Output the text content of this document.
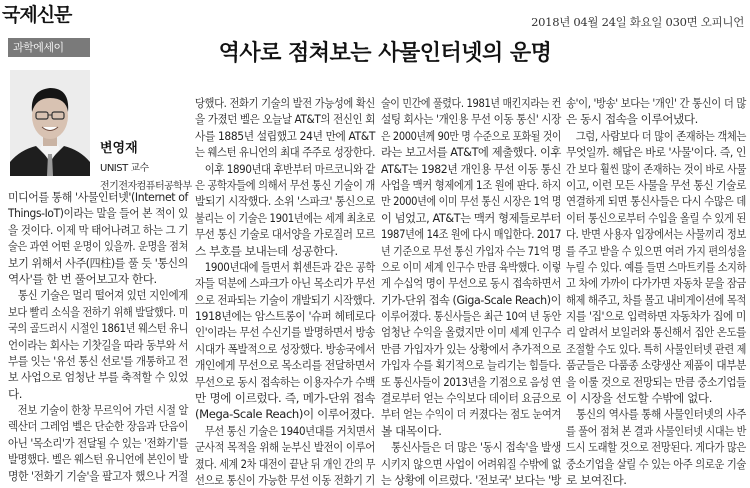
국제신문	2018년 04월 24일 화요일 030면 오피니언
과학에세이	역사로 점쳐보는 사물인터넷의 운명
변영재
UNIST 교수
전기전자컴퓨터공학부
미디어를 통해 '사물인터넷'(Internet of
Things-IoT)이라는 말을 들어 본 적이 있
을 것이다. 이제 막 태어나려고 하는 그 기
술은 과연 어떤 운명이 있을까. 운명을 점쳐
보기 위해서 사주(四柱)를 풀 듯 '통신의
역사'를 한 번 풀어보고자 한다.
통신 기술은 멀리 떨어져 있던 지인에게
보다 빨리 소식을 전하기 위해 발달했다. 미
국의 골드러시 시절인 1861년 웨스턴 유니
언이라는 회사는 기찻길을 따라 동부와 서
부를 잇는 '유선 통신 선로'를 개통하고 전
보 사업으로 엄청난 부를 축적할 수 있었
다.
전보 기술이 한창 무르익어 가던 시절 알
렉산더 그레엄 벨은 단순한 장음과 단음이
아닌 '목소리'가 전달될 수 있는 '전화기'를
발명했다. 벨은 웨스턴 유니언에 본인이 발
명한 '전화기 기술'을 팔고자 했으나 거절
당했다. 전화기 기술의 발전 가능성에 확신
을 가졌던 벨은 오늘날 AT&T의 전신인 회
사를 1885년 설립했고 24년 만에 AT&T
는 웨스턴 유니언의 최대 주주로 성장한다.
이후 1890년대 후반부터 마르코니와 같
은 공학자들에 의해서 무선 통신 기술이 개
발되기 시작했다. 소위 '스파크' 통신으로
불리는 이 기술은 1901년에는 세계 최초로
무선 통신 기술로 대서양을 가로질러 모르
스 부호를 보내는데 성공한다.
1900년대에 들면서 휘센든과 같은 공학
자들 덕분에 스파크가 아닌 목소리가 무선
으로 전파되는 기술이 개발되기 시작했다.
1918년에는 암스트롱이 '슈퍼 헤테로다
인'이라는 무선 수신기를 발명하면서 방송
시대가 폭발적으로 성장했다. 방송국에서
개인에게 무선으로 목소리를 전달하면서
무선으로 동시 접속하는 이용자수가 수백
만 명에 이르렀다. 즉, 메가-단위 접속
(Mega-Scale Reach)이 이루어졌다.
무선 통신 기술은 1940년대를 거치면서
군사적 목적을 위해 눈부신 발전이 이루어
졌다. 세계 2차 대전이 끝난 뒤 개인 간의 무
선으로 통신이 가능한 무선 이동 전화기 기
술이 민간에 풀렸다. 1981년 매킨지라는 컨
설팅 회사는 '개인용 무선 이동 통신' 시장
은 2000년께 90만 명 수준으로 포화될 것이
라는 보고서를 AT&T에 제출했다. 이후
AT&T는 1982년 개인용 무선 이동 통신
사업을 맥커 형제에게 1조 원에 판다. 하지
만 2000년에 이미 무선 통신 시장은 1억 명
이 넘었고, AT&T는 맥커 형제들로부터
1987년에 14조 원에 다시 매입한다. 2017
년 기준으로 무선 통신 가입자 수는 71억 명
으로 이미 세계 인구수 만큼 육박했다. 이렇
게 수십억 명이 무선으로 동시 접속하면서
기가-단위 접속 (Giga-Scale Reach)이
이루어졌다. 통신사들은 최근 10여 년 동안
엄청난 수익을 올렸지만 이미 세계 인구수
만큼 가입자가 있는 상황에서 추가적으로
가입자 수를 획기적으로 늘리기는 힘들다.
또 통신사들이 2013년을 기점으로 음성 연
결로부터 얻는 수익보다 데이터 요금으로
부터 얻는 수익이 더 커졌다는 점도 눈여겨
볼 대목이다.
통신사들은 더 많은 '동시 접속'을 발생
시키지 않으면 사업이 어려워질 수밖에 없
는 상황에 이르렀다. '전보국' 보다는 '방
송'이, '방송' 보다는 '개인' 간 통신이 더 많
은 동시 접속을 이루어냈다.
그럼, 사람보다 더 많이 존재하는 객체는
무엇일까. 해답은 바로 '사물'이다. 즉, 인
간 보다 훨씬 많이 존재하는 것이 바로 사물
이고, 이런 모든 사물을 무선 통신 기술로
연결하게 되면 통신사들은 다시 수많은 데
이터 통신으로부터 수입을 올릴 수 있게 된
다. 반면 사용자 입장에서는 사물끼리 정보
를 주고 받을 수 있으면 여러 가지 편의성을
누릴 수 있다. 예를 들면 스마트키를 소지하
고 차에 가까이 다가가면 자동차 문을 잠금
해제 해주고, 차를 몰고 내비게이션에 목적
지를 '집'으로 입력하면 자동차가 집에 미
리 알려서 보일러와 통신해서 집안 온도를
조절할 수도 있다. 특히 사물인터넷 관련 제
품군들은 다품종 소량생산 제품이 대부분
을 이룰 것으로 전망되는 만큼 중소기업들
이 시장을 선도할 수밖에 없다.
통신의 역사를 통해 사물인터넷의 사주
를 풀어 점쳐 본 결과 사물인터넷 시대는 반
드시 도래할 것으로 전망된다. 게다가 많은
중소기업을 살릴 수 있는 아주 의로운 기술
로 보여진다.
